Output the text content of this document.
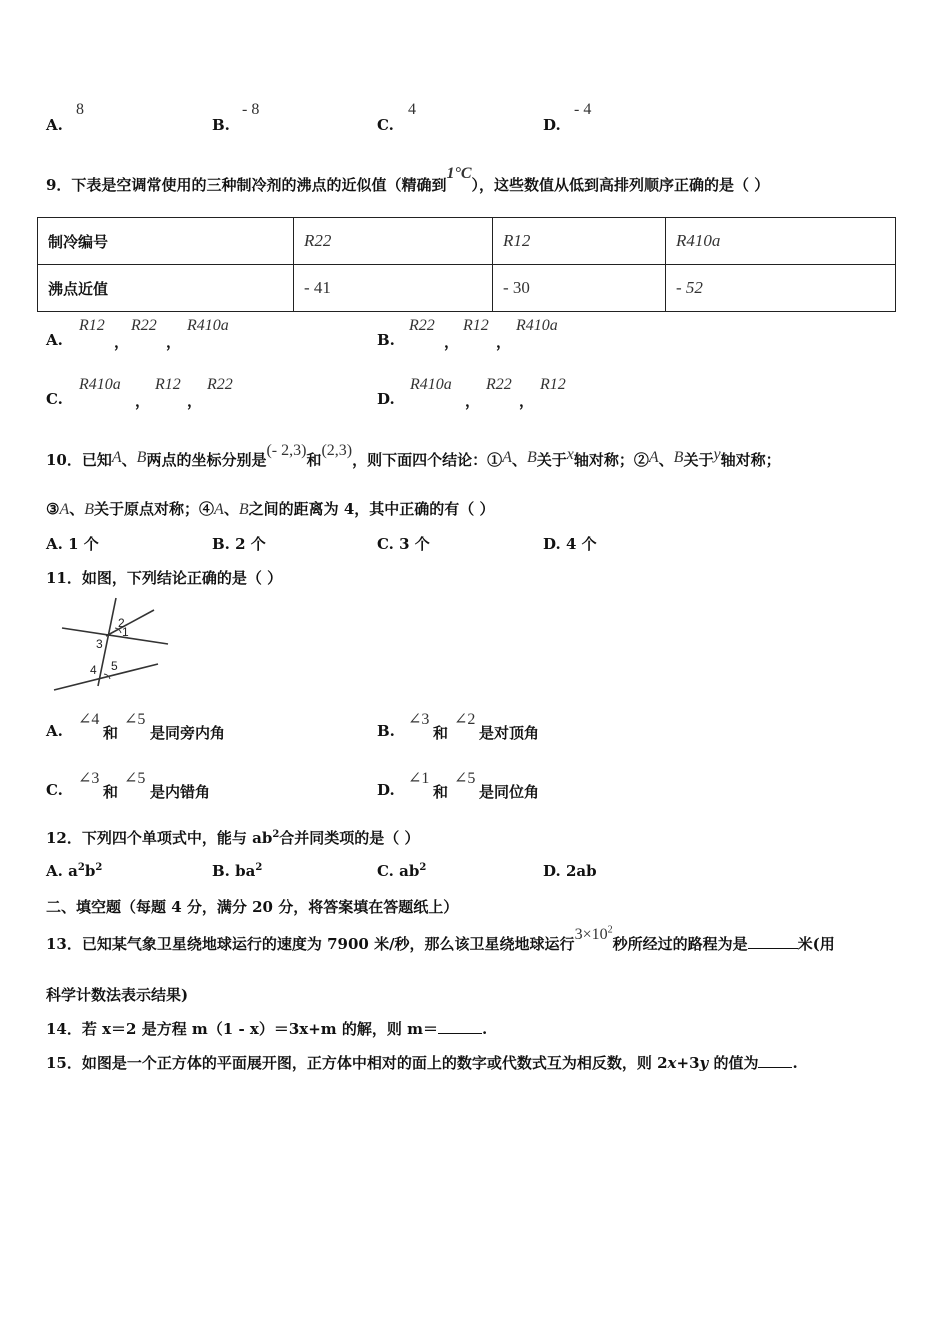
A.
8
B.
- 8
C.
4
D.
- 4
9．下表是空调常使用的三种制冷剂的沸点的近似值（精确到1°C），这些数值从低到高排列顺序正确的是（ ）
制冷编号	R22	R12	R410a
沸点近值	- 41	- 30	- 52
A.
R12
，
R22
，
R410a
B.
R22
，
R12
，
R410a
C.
R410a
，
R12
，
R22
D.
R410a
，
R22
，
R12
10．已知A、B两点的坐标分别是(- 2,3)和(2,3)，则下面四个结论：①A、B关于x轴对称；②A、B关于y轴对称；
③A、B关于原点对称；④A、B之间的距离为 4，其中正确的有（ ）
A. 1 个	B. 2 个	C. 3 个	D. 4 个
11．如图，下列结论正确的是（ ）
2
1
3
4 5
A.
∠4
和
∠5
是同旁内角	B.
∠3
和
∠2
是对顶角
C.
∠3
和
∠5
是内错角	D.
∠1
和
∠5
是同位角
12．下列四个单项式中，能与 $ab^2$合并同类项的是（ ）
A. $a^2b^2$	B. $ba^2$	C. $ab^2$	D. 2ab
二、填空题（每题 4 分，满分 20 分，将答案填在答题纸上）
13．已知某气象卫星绕地球运行的速度为 7900 米/秒，那么该卫星绕地球运行$3\times 10^2$秒所经过的路程为是	米(用
科学计数法表示结果)
14．若 x＝2 是方程 m（1 - x）＝3x+m 的解，则 m＝	.
15．如图是一个正方体的平面展开图，正方体中相对的面上的数字或代数式互为相反数，则 2x+3y 的值为 .
